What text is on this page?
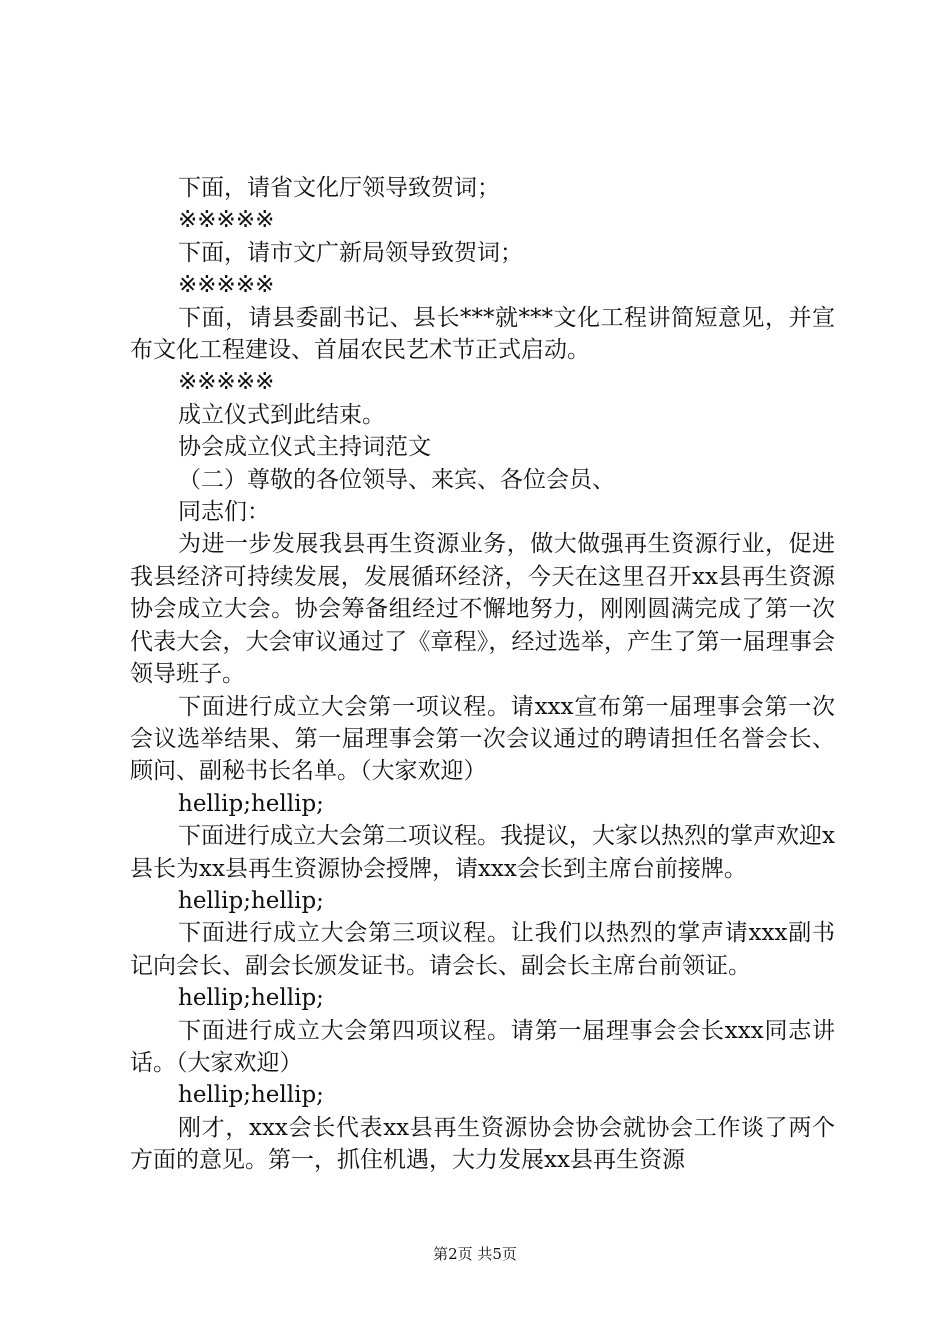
下面，请省文化厅领导致贺词；

※※※※※

下面，请市文广新局领导致贺词；

※※※※※

下面，请县委副书记、县长***就***文化工程讲简短意见，并宣布文化工程建设、首届农民艺术节正式启动。

※※※※※

成立仪式到此结束。

协会成立仪式主持词范文

（二）尊敬的各位领导、来宾、各位会员、

同志们：

为进一步发展我县再生资源业务，做大做强再生资源行业，促进我县经济可持续发展，发展循环经济，今天在这里召开xx县再生资源协会成立大会。协会筹备组经过不懈地努力，刚刚圆满完成了第一次代表大会，大会审议通过了《章程》，经过选举，产生了第一届理事会领导班子。

下面进行成立大会第一项议程。请xxx宣布第一届理事会第一次会议选举结果、第一届理事会第一次会议通过的聘请担任名誉会长、顾问、副秘书长名单。（大家欢迎）

hellip;hellip;

下面进行成立大会第二项议程。我提议，大家以热烈的掌声欢迎x县长为xx县再生资源协会授牌，请xxx会长到主席台前接牌。

hellip;hellip;

下面进行成立大会第三项议程。让我们以热烈的掌声请xxx副书记向会长、副会长颁发证书。请会长、副会长主席台前领证。

hellip;hellip;

下面进行成立大会第四项议程。请第一届理事会会长xxx同志讲话。（大家欢迎）

hellip;hellip;

刚才，xxx会长代表xx县再生资源协会协会就协会工作谈了两个方面的意见。第一，抓住机遇，大力发展xx县再生资源

第2页 共5页
